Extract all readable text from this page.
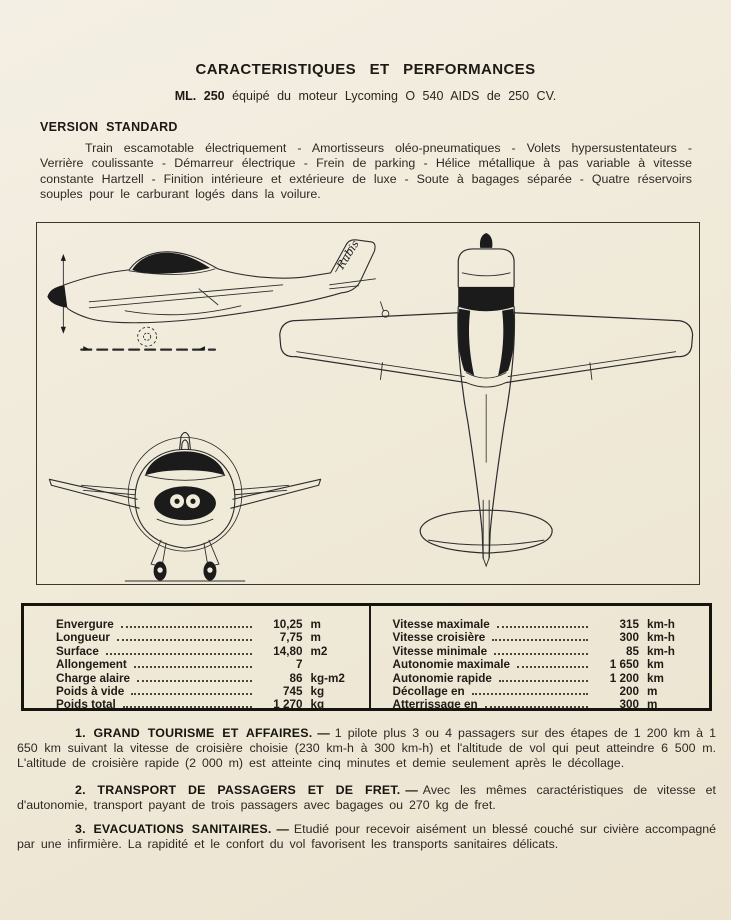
CARACTERISTIQUES ET PERFORMANCES
ML. 250 équipé du moteur Lycoming O 540 AIDS de 250 CV.
VERSION STANDARD

Train escamotable électriquement - Amortisseurs oléo-pneumatiques - Volets hypersustentateurs - Verrière coulissante - Démarreur électrique - Frein de parking - Hélice métallique à pas variable à vitesse constante Hartzell - Finition intérieure et extérieure de luxe - Soute à bagages séparée - Quatre réservoirs souples pour le carburant logés dans la voilure.

Rubis
Envergure	10,25 m
Longueur	7,75 m
Surface	14,80 m2
Allongement	7
Charge alaire	86 kg-m2
Poids à vide	745 kg
Poids total	1 270 kg
Vitesse maximale	315 km-h
Vitesse croisière	300 km-h
Vitesse minimale	85 km-h
Autonomie maximale	1 650 km
Autonomie rapide	1 200 km
Décollage en	200 m
Atterrissage en	300 m

1. GRAND TOURISME ET AFFAIRES. — 1 pilote plus 3 ou 4 passagers sur des étapes de 1 200 km à 1 650 km suivant la vitesse de croisière choisie (230 km-h à 300 km-h) et l'altitude de vol qui peut atteindre 6 500 m. L'altitude de croisière rapide (2 000 m) est atteinte cinq minutes et demie seulement après le décollage.

2. TRANSPORT DE PASSAGERS ET DE FRET. — Avec les mêmes caractéristiques de vitesse et d'autonomie, transport payant de trois passagers avec bagages ou 270 kg de fret.

3. EVACUATIONS SANITAIRES. — Etudié pour recevoir aisément un blessé couché sur civière accompagné par une infirmière. La rapidité et le confort du vol favorisent les transports sanitaires délicats.
